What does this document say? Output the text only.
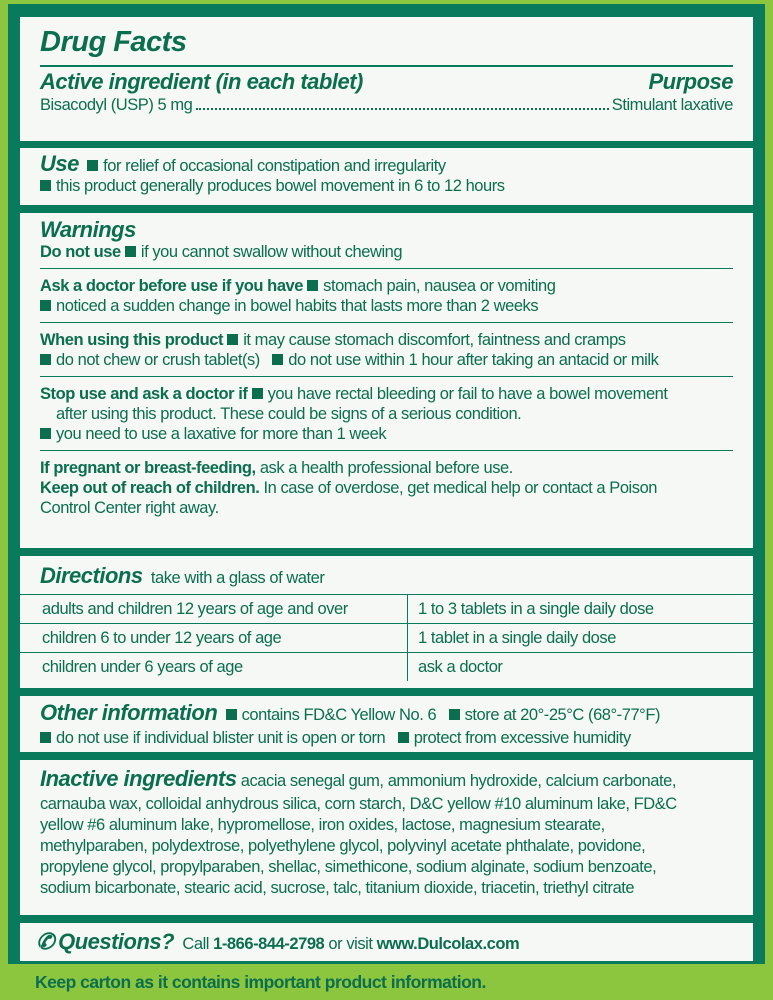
Drug Facts
Active ingredient (in each tablet)	Purpose
Bisacodyl (USP) 5 mg	Stimulant laxative
Use for relief of occasional constipation and irregularity
this product generally produces bowel movement in 6 to 12 hours
Warnings
Do not use if you cannot swallow without chewing
Ask a doctor before use if you have stomach pain, nausea or vomiting
noticed a sudden change in bowel habits that lasts more than 2 weeks
When using this product it may cause stomach discomfort, faintness and cramps
do not chew or crush tablet(s) do not use within 1 hour after taking an antacid or milk
Stop use and ask a doctor if you have rectal bleeding or fail to have a bowel movement
after using this product. These could be signs of a serious condition.
you need to use a laxative for more than 1 week
If pregnant or breast-feeding, ask a health professional before use.
Keep out of reach of children. In case of overdose, get medical help or contact a Poison
Control Center right away.
Directions take with a glass of water
adults and children 12 years of age and over	1 to 3 tablets in a single daily dose
children 6 to under 12 years of age	1 tablet in a single daily dose
children under 6 years of age	ask a doctor
Other information contains FD&C Yellow No. 6 store at 20°-25°C (68°-77°F)
do not use if individual blister unit is open or torn protect from excessive humidity
Inactive ingredients acacia senegal gum, ammonium hydroxide, calcium carbonate,
carnauba wax, colloidal anhydrous silica, corn starch, D&C yellow #10 aluminum lake, FD&C
yellow #6 aluminum lake, hypromellose, iron oxides, lactose, magnesium stearate,
methylparaben, polydextrose, polyethylene glycol, polyvinyl acetate phthalate, povidone,
propylene glycol, propylparaben, shellac, simethicone, sodium alginate, sodium benzoate,
sodium bicarbonate, stearic acid, sucrose, talc, titanium dioxide, triacetin, triethyl citrate
✆ Questions? Call 1-866-844-2798 or visit www.Dulcolax.com
Keep carton as it contains important product information.
